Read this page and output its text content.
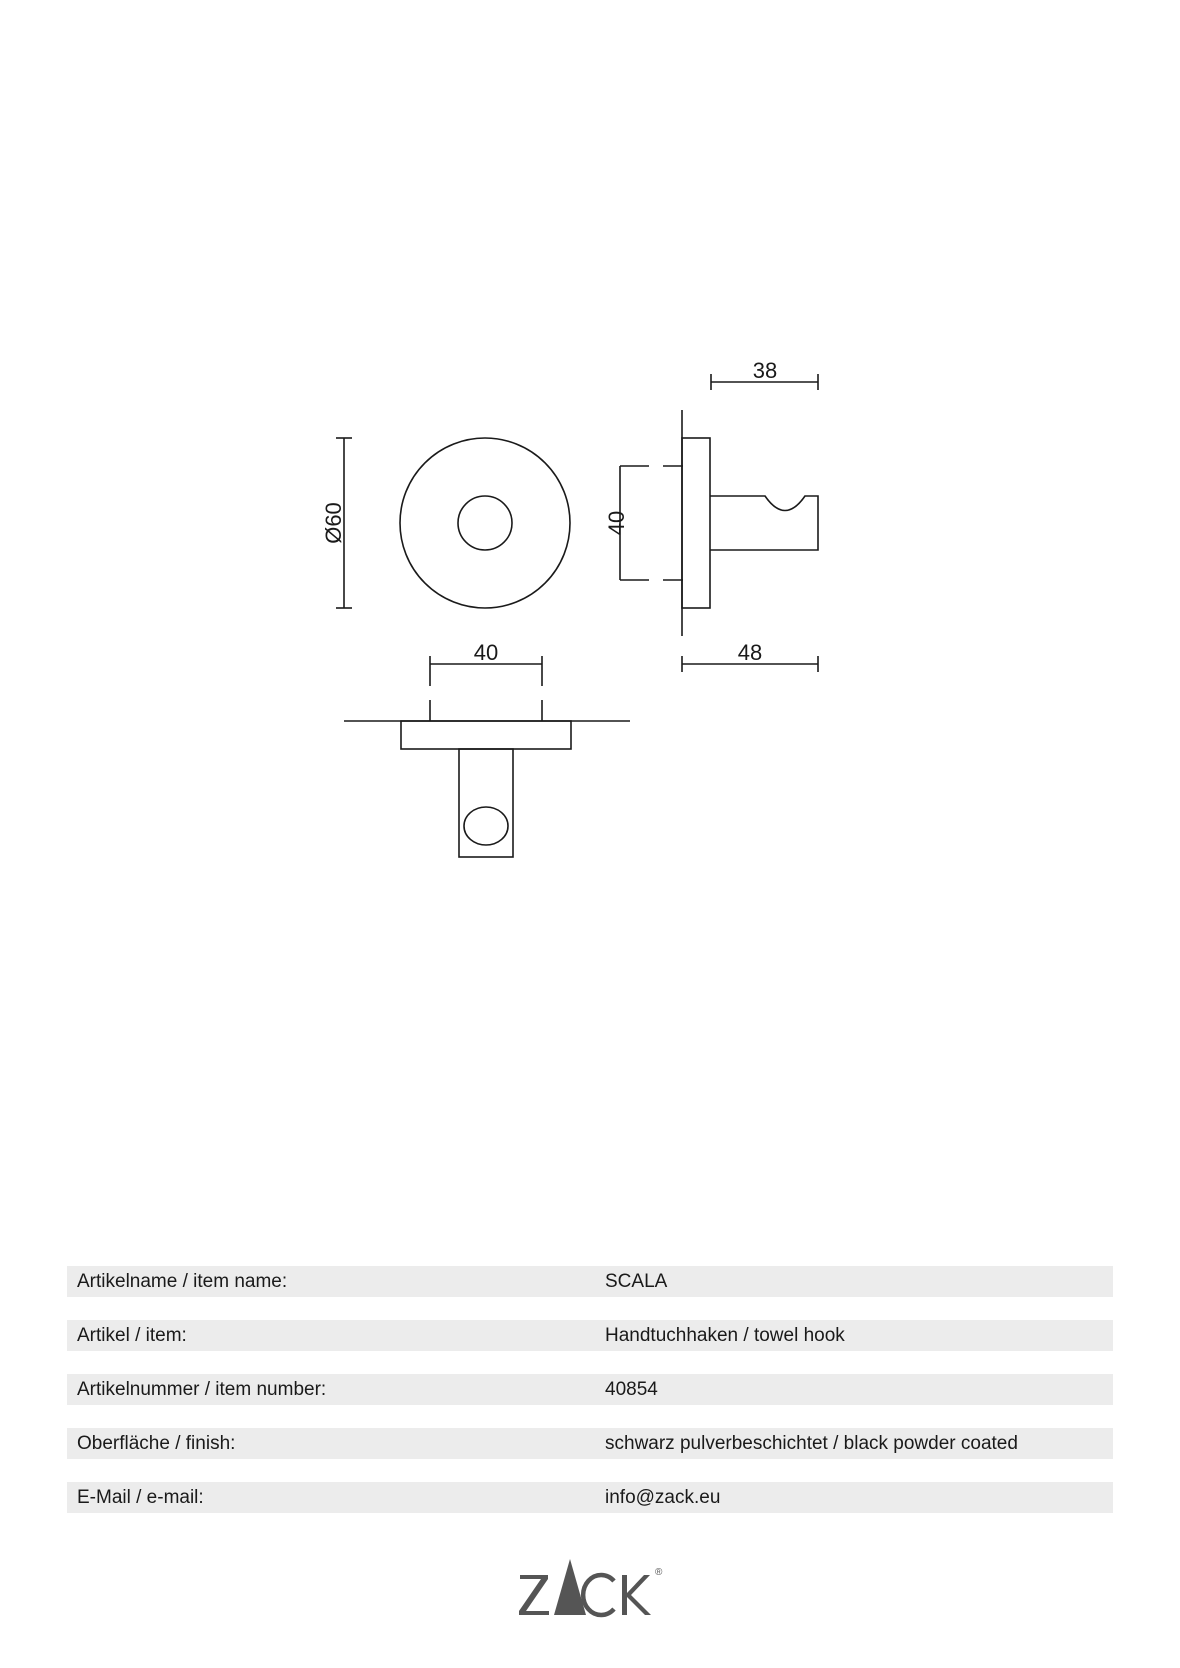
Ø60
38
40
48
40
Artikelname / item name:	SCALA
Artikel / item:	Handtuchhaken / towel hook
Artikelnummer / item number:	40854
Oberfläche / finish:	schwarz pulverbeschichtet / black powder coated
E-Mail / e-mail:	info@zack.eu
®
